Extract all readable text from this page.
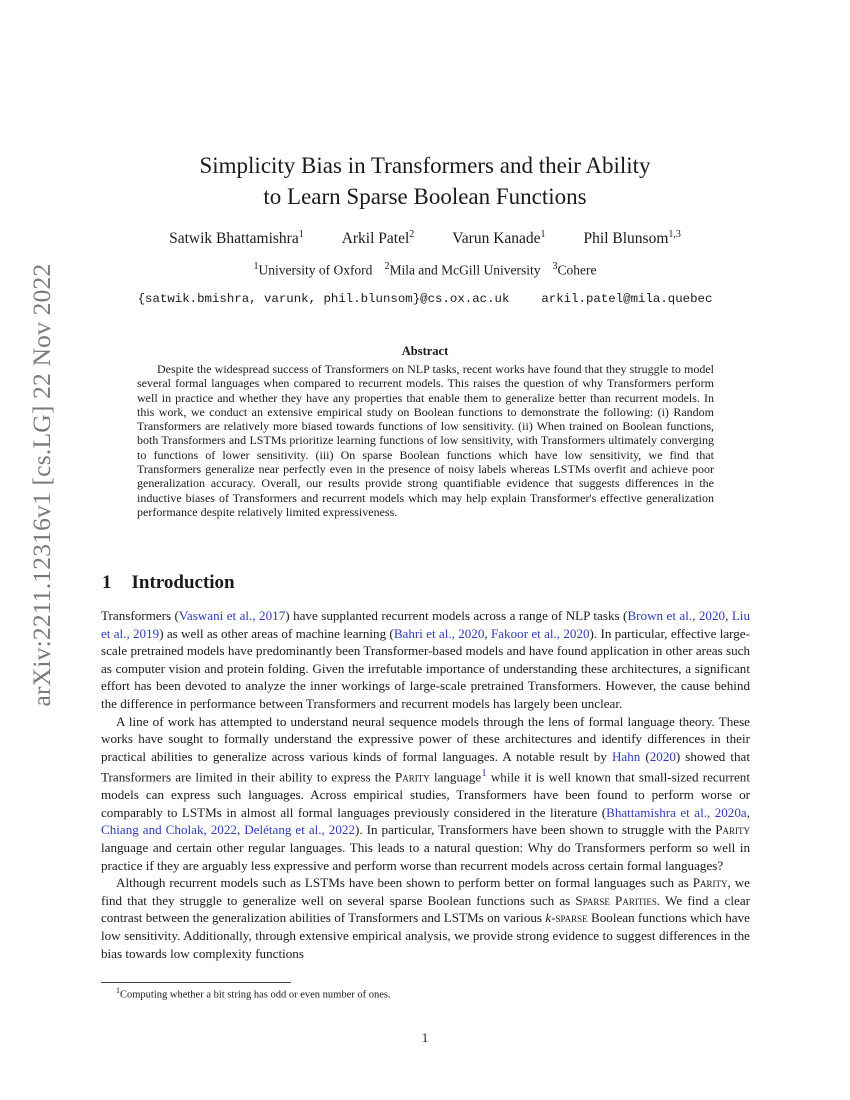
arXiv:2211.12316v1 [cs.LG] 22 Nov 2022
Simplicity Bias in Transformers and their Ability
to Learn Sparse Boolean Functions
Satwik Bhattamishra$^1$ Arkil Patel$^2$ Varun Kanade$^1$ Phil Blunsom$^{1,3}$
$^1$University of Oxford $^2$Mila and McGill University $^3$Cohere
{satwik.bmishra, varunk, phil.blunsom}@cs.ox.ac.uk	arkil.patel@mila.quebec
Abstract

Despite the widespread success of Transformers on NLP tasks, recent works have found that they struggle to model several formal languages when compared to recurrent models. This raises the question of why Transformers perform well in practice and whether they have any properties that enable them to generalize better than recurrent models. In this work, we conduct an extensive empirical study on Boolean functions to demonstrate the following: (i) Random Transformers are relatively more biased towards functions of low sensitivity. (ii) When trained on Boolean functions, both Transformers and LSTMs prioritize learning functions of low sensitivity, with Transformers ultimately converging to functions of lower sensitivity. (iii) On sparse Boolean functions which have low sensitivity, we find that Transformers generalize near perfectly even in the presence of noisy labels whereas LSTMs overfit and achieve poor generalization accuracy. Overall, our results provide strong quantifiable evidence that suggests differences in the inductive biases of Transformers and recurrent models which may help explain Transformer's effective generalization performance despite relatively limited expressiveness.

1 Introduction

Transformers (Vaswani et al., 2017) have supplanted recurrent models across a range of NLP tasks (Brown et al., 2020, Liu et al., 2019) as well as other areas of machine learning (Bahri et al., 2020, Fakoor et al., 2020). In particular, effective large-scale pretrained models have predominantly been Transformer-based models and have found application in other areas such as computer vision and protein folding. Given the irrefutable importance of understanding these architectures, a significant effort has been devoted to analyze the inner workings of large-scale pretrained Transformers. However, the cause behind the difference in performance between Transformers and recurrent models has largely been unclear.

A line of work has attempted to understand neural sequence models through the lens of formal language theory. These works have sought to formally understand the expressive power of these architectures and identify differences in their practical abilities to generalize across various kinds of formal languages. A notable result by Hahn (2020) showed that Transformers are limited in their ability to express the Parity language$^1$ while it is well known that small-sized recurrent models can express such languages. Across empirical studies, Transformers have been found to perform worse or comparably to LSTMs in almost all formal languages previously considered in the literature (Bhattamishra et al., 2020a, Chiang and Cholak, 2022, Delétang et al., 2022). In particular, Transformers have been shown to struggle with the Parity language and certain other regular languages. This leads to a natural question: Why do Transformers perform so well in practice if they are arguably less expressive and perform worse than recurrent models across certain formal languages?

Although recurrent models such as LSTMs have been shown to perform better on formal languages such as Parity, we find that they struggle to generalize well on several sparse Boolean functions such as Sparse Parities. We find a clear contrast between the generalization abilities of Transformers and LSTMs on various k-sparse Boolean functions which have low sensitivity. Additionally, through extensive empirical analysis, we provide strong evidence to suggest differences in the bias towards low complexity functions

$^1$Computing whether a bit string has odd or even number of ones.
1
